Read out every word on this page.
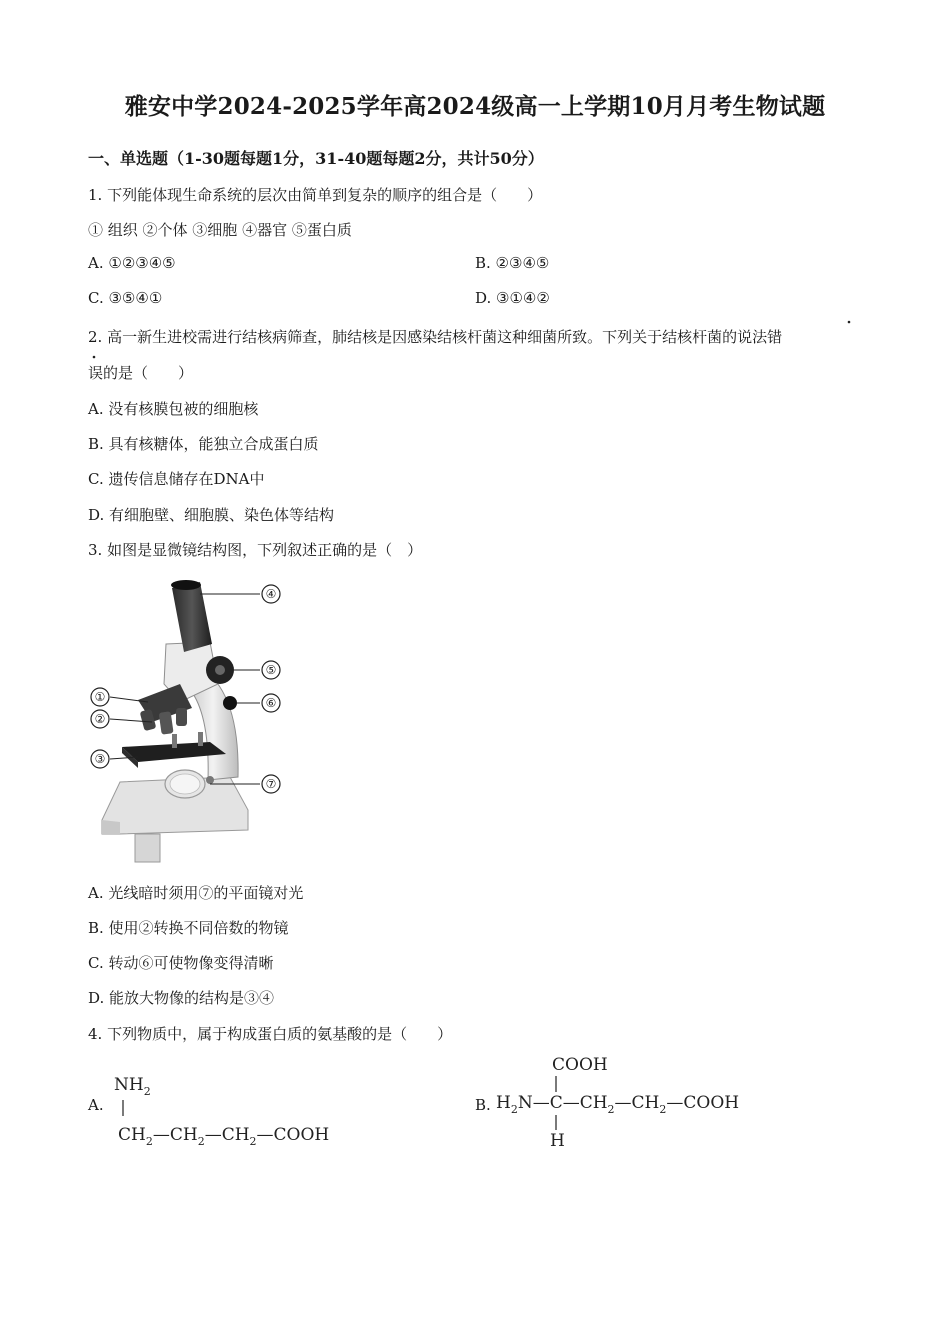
雅安中学2024-2025学年高2024级高一上学期10月月考生物试题
一、单选题（1-30题每题1分，31-40题每题2分，共计50分）
1. 下列能体现生命系统的层次由简单到复杂的顺序的组合是（　　）
① 组织 ②个体 ③细胞 ④器官 ⑤蛋白质
A. ①②③④⑤	B. ②③④⑤
C. ③⑤④①	D. ③①④②
2. 高一新生进校需进行结核病筛查，肺结核是因感染结核杆菌这种细菌所致。下列关于结核杆菌的说法错
误的是（　　）
A. 没有核膜包被的细胞核
B. 具有核糖体，能独立合成蛋白质
C. 遗传信息储存在DNA中
D. 有细胞壁、细胞膜、染色体等结构
3. 如图是显微镜结构图，下列叙述正确的是（　）
④
⑤
⑥
⑦
①
②
③
A. 光线暗时须用⑦的平面镜对光
B. 使用②转换不同倍数的物镜
C. 转动⑥可使物像变得清晰
D. 能放大物像的结构是③④
4. 下列物质中，属于构成蛋白质的氨基酸的是（　　）
A.
$NH_2$
$CH_2—CH_2—CH_2—COOH$
B.
COOH
$H_2N—C—CH_2—CH_2—COOH$
H
